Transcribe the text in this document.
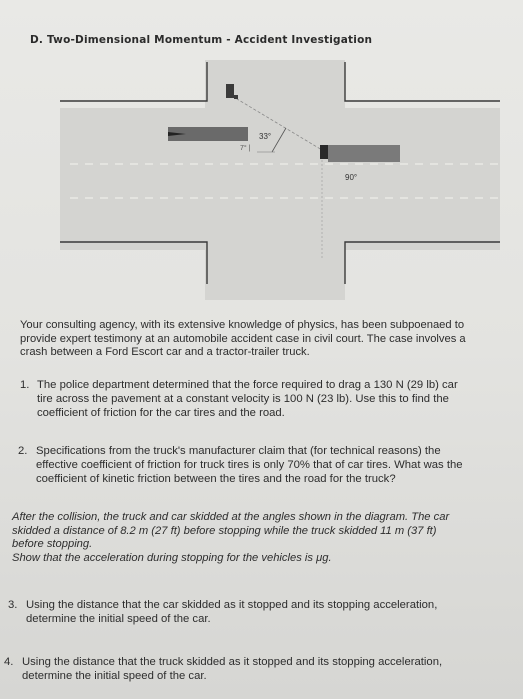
D. Two-Dimensional Momentum - Accident Investigation
33°
7° |
90°
Your consulting agency, with its extensive knowledge of physics, has been subpoenaed to
provide expert testimony at an automobile accident case in civil court. The case involves a
crash between a Ford Escort car and a tractor-trailer truck.
1. The police department determined that the force required to drag a 130 N (29 lb) car
tire across the pavement at a constant velocity is 100 N (23 lb). Use this to find the
coefficient of friction for the car tires and the road.
2. Specifications from the truck's manufacturer claim that (for technical reasons) the
effective coefficient of friction for truck tires is only 70% that of car tires. What was the
coefficient of kinetic friction between the tires and the road for the truck?
After the collision, the truck and car skidded at the angles shown in the diagram. The car
skidded a distance of 8.2 m (27 ft) before stopping while the truck skidded 11 m (37 ft)
before stopping.
Show that the acceleration during stopping for the vehicles is μg.
3. Using the distance that the car skidded as it stopped and its stopping acceleration,
determine the initial speed of the car.
4. Using the distance that the truck skidded as it stopped and its stopping acceleration,
determine the initial speed of the car.
